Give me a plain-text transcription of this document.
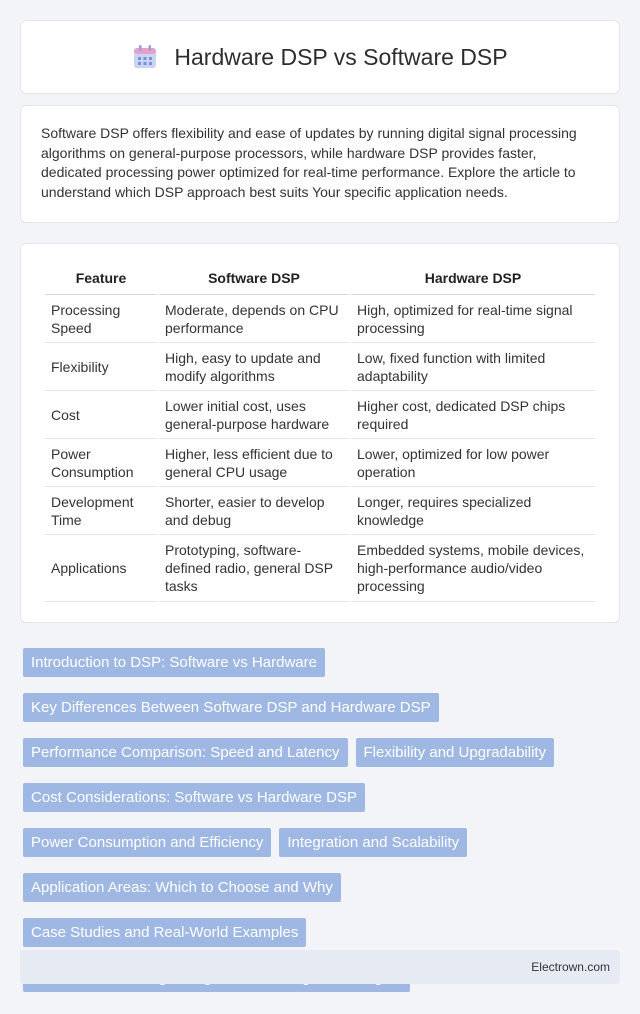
Hardware DSP vs Software DSP

Software DSP offers flexibility and ease of updates by running digital signal processing algorithms on general-purpose processors, while hardware DSP provides faster, dedicated processing power optimized for real-time performance. Explore the article to understand which DSP approach best suits Your specific application needs.

Feature	Software DSP	Hardware DSP
Processing Speed	Moderate, depends on CPU performance	High, optimized for real-time signal processing
Flexibility	High, easy to update and modify algorithms	Low, fixed function with limited adaptability
Cost	Lower initial cost, uses general-purpose hardware	Higher cost, dedicated DSP chips required
Power Consumption	Higher, less efficient due to general CPU usage	Lower, optimized for low power operation
Development Time	Shorter, easier to develop and debug	Longer, requires specialized knowledge
Applications	Prototyping, software-defined radio, general DSP tasks	Embedded systems, mobile devices, high-performance audio/video processing
Introduction to DSP: Software vs Hardware
Key Differences Between Software DSP and Hardware DSP
Performance Comparison: Speed and Latency	Flexibility and Upgradability
Cost Considerations: Software vs Hardware DSP
Power Consumption and Efficiency	Integration and Scalability
Application Areas: Which to Choose and Why
Case Studies and Real-World Examples
Electrown.com
